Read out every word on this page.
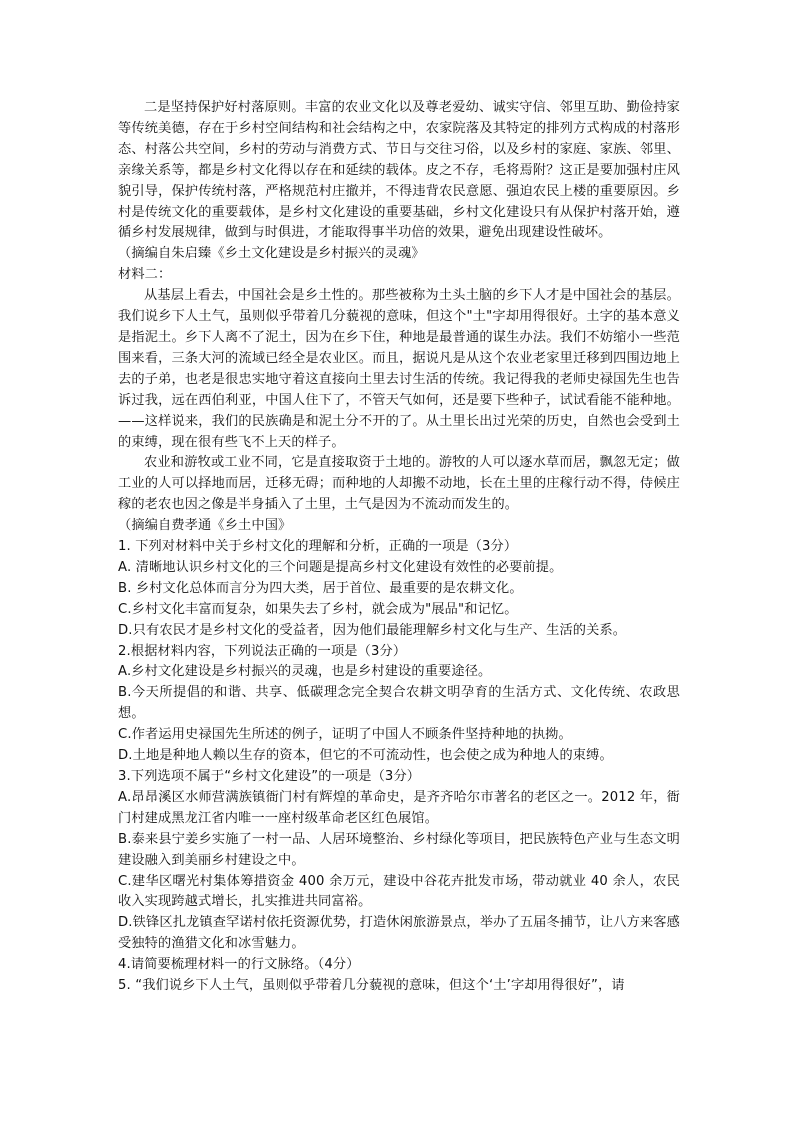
二是坚持保护好村落原则。丰富的农业文化以及尊老爱幼、诚实守信、邻里互助、勤俭持家等传统美德，存在于乡村空间结构和社会结构之中，农家院落及其特定的排列方式构成的村落形态、村落公共空间，乡村的劳动与消费方式、节日与交往习俗，以及乡村的家庭、家族、邻里、亲缘关系等，都是乡村文化得以存在和延续的载体。皮之不存，毛将焉附？这正是要加强村庄风貌引导，保护传统村落，严格规范村庄撤并，不得违背农民意愿、强迫农民上楼的重要原因。乡村是传统文化的重要载体，是乡村文化建设的重要基础，乡村文化建设只有从保护村落开始，遵循乡村发展规律，做到与时俱进，才能取得事半功倍的效果，避免出现建设性破坏。

（摘编自朱启臻《乡土文化建设是乡村振兴的灵魂》

材料二：

从基层上看去，中国社会是乡土性的。那些被称为土头土脑的乡下人才是中国社会的基层。我们说乡下人土气，虽则似乎带着几分藐视的意味，但这个"土"字却用得很好。土字的基本意义是指泥土。乡下人离不了泥土，因为在乡下住，种地是最普通的谋生办法。我们不妨缩小一些范围来看，三条大河的流域已经全是农业区。而且，据说凡是从这个农业老家里迁移到四围边地上去的子弟，也老是很忠实地守着这直接向土里去讨生活的传统。我记得我的老师史禄国先生也告诉过我，远在西伯利亚，中国人住下了，不管天气如何，还是要下些种子，试试看能不能种地。——这样说来，我们的民族确是和泥土分不开的了。从土里长出过光荣的历史，自然也会受到土的束缚，现在很有些飞不上天的样子。

农业和游牧或工业不同，它是直接取资于土地的。游牧的人可以逐水草而居，飘忽无定；做工业的人可以择地而居，迁移无碍；而种地的人却搬不动地，长在土里的庄稼行动不得，侍候庄稼的老农也因之像是半身插入了土里，土气是因为不流动而发生的。

（摘编自费孝通《乡土中国》

1. 下列对材料中关于乡村文化的理解和分析，正确的一项是（3分）

A. 清晰地认识乡村文化的三个问题是提高乡村文化建设有效性的必要前提。

B. 乡村文化总体而言分为四大类，居于首位、最重要的是农耕文化。

C.乡村文化丰富而复杂，如果失去了乡村，就会成为"展品"和记忆。

D.只有农民才是乡村文化的受益者，因为他们最能理解乡村文化与生产、生活的关系。

2.根据材料内容，下列说法正确的一项是（3分）

A.乡村文化建设是乡村振兴的灵魂，也是乡村建设的重要途径。

B.今天所提倡的和谐、共享、低碳理念完全契合农耕文明孕育的生活方式、文化传统、农政思想。

C.作者运用史禄国先生所述的例子，证明了中国人不顾条件坚持种地的执拗。

D.土地是种地人赖以生存的资本，但它的不可流动性，也会使之成为种地人的束缚。

3.下列选项不属于“乡村文化建设”的一项是（3分）

A.昂昂溪区水师营满族镇衙门村有辉煌的革命史，是齐齐哈尔市著名的老区之一。2012 年，衙门村建成黑龙江省内唯一一座村级革命老区红色展馆。

B.泰来县宁姜乡实施了一村一品、人居环境整治、乡村绿化等项目，把民族特色产业与生态文明建设融入到美丽乡村建设之中。

C.建华区曙光村集体筹措资金 400 余万元，建设中谷花卉批发市场，带动就业 40 余人，农民收入实现跨越式增长，扎实推进共同富裕。

D.铁锋区扎龙镇查罕诺村依托资源优势，打造休闲旅游景点，举办了五届冬捕节，让八方来客感受独特的渔猎文化和冰雪魅力。

4.请简要梳理材料一的行文脉络。（4分）

5. “我们说乡下人土气，虽则似乎带着几分藐视的意味，但这个‘土’字却用得很好”，请
